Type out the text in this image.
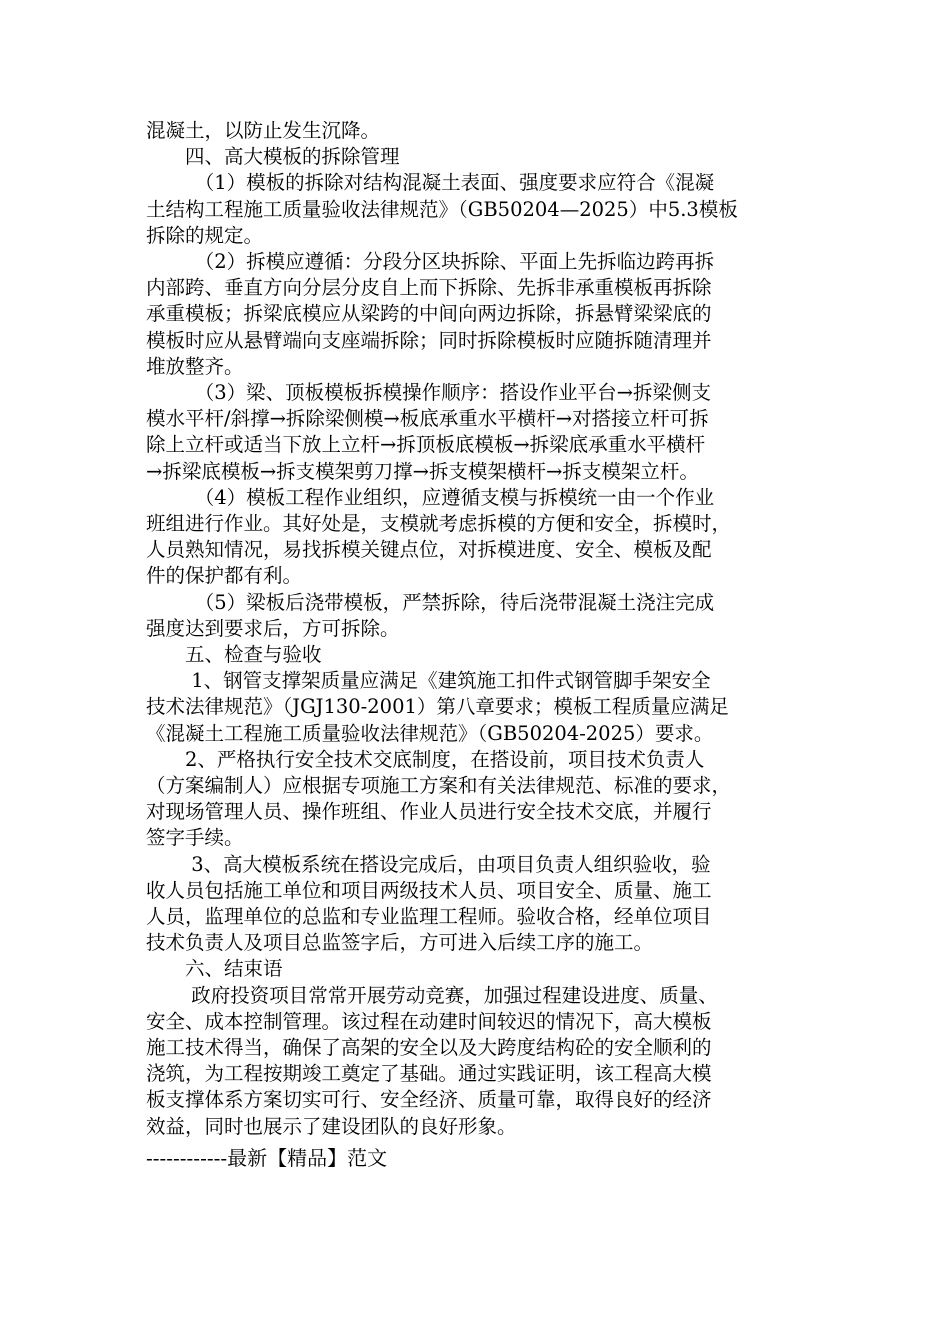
混凝土，以防止发生沉降。
　　四、高大模板的拆除管理
　　　（1）模板的拆除对结构混凝土表面、强度要求应符合《混凝
土结构工程施工质量验收法律规范》（GB50204—2025）中5.3模板
拆除的规定。
　　　（2）拆模应遵循：分段分区块拆除、平面上先拆临边跨再拆
内部跨、垂直方向分层分皮自上而下拆除、先拆非承重模板再拆除
承重模板；拆梁底模应从梁跨的中间向两边拆除，拆悬臂梁梁底的
模板时应从悬臂端向支座端拆除；同时拆除模板时应随拆随清理并
堆放整齐。
　　　（3）梁、顶板模板拆模操作顺序：搭设作业平台→拆梁侧支
模水平杆/斜撑→拆除梁侧模→板底承重水平横杆→对搭接立杆可拆
除上立杆或适当下放上立杆→拆顶板底模板→拆梁底承重水平横杆
→拆梁底模板→拆支模架剪刀撑→拆支模架横杆→拆支模架立杆。
　　　（4）模板工程作业组织，应遵循支模与拆模统一由一个作业
班组进行作业。其好处是，支模就考虑拆模的方便和安全，拆模时，
人员熟知情况，易找拆模关键点位，对拆模进度、安全、模板及配
件的保护都有利。
　　　（5）梁板后浇带模板，严禁拆除，待后浇带混凝土浇注完成
强度达到要求后，方可拆除。
　　五、检查与验收
　　 1、钢管支撑架质量应满足《建筑施工扣件式钢管脚手架安全
技术法律规范》（JGJ130-2001）第八章要求；模板工程质量应满足
《混凝土工程施工质量验收法律规范》（GB50204-2025）要求。
　　2、严格执行安全技术交底制度，在搭设前，项目技术负责人
（方案编制人）应根据专项施工方案和有关法律规范、标准的要求，
对现场管理人员、操作班组、作业人员进行安全技术交底，并履行
签字手续。
　　 3、高大模板系统在搭设完成后，由项目负责人组织验收，验
收人员包括施工单位和项目两级技术人员、项目安全、质量、施工
人员，监理单位的总监和专业监理工程师。验收合格，经单位项目
技术负责人及项目总监签字后，方可进入后续工序的施工。
　　六、结束语
　　 政府投资项目常常开展劳动竞赛，加强过程建设进度、质量、
安全、成本控制管理。该过程在动建时间较迟的情况下，高大模板
施工技术得当，确保了高架的安全以及大跨度结构砼的安全顺利的
浇筑，为工程按期竣工奠定了基础。通过实践证明，该工程高大模
板支撑体系方案切实可行、安全经济、质量可靠，取得良好的经济
效益，同时也展示了建设团队的良好形象。
------------最新【精品】范文
